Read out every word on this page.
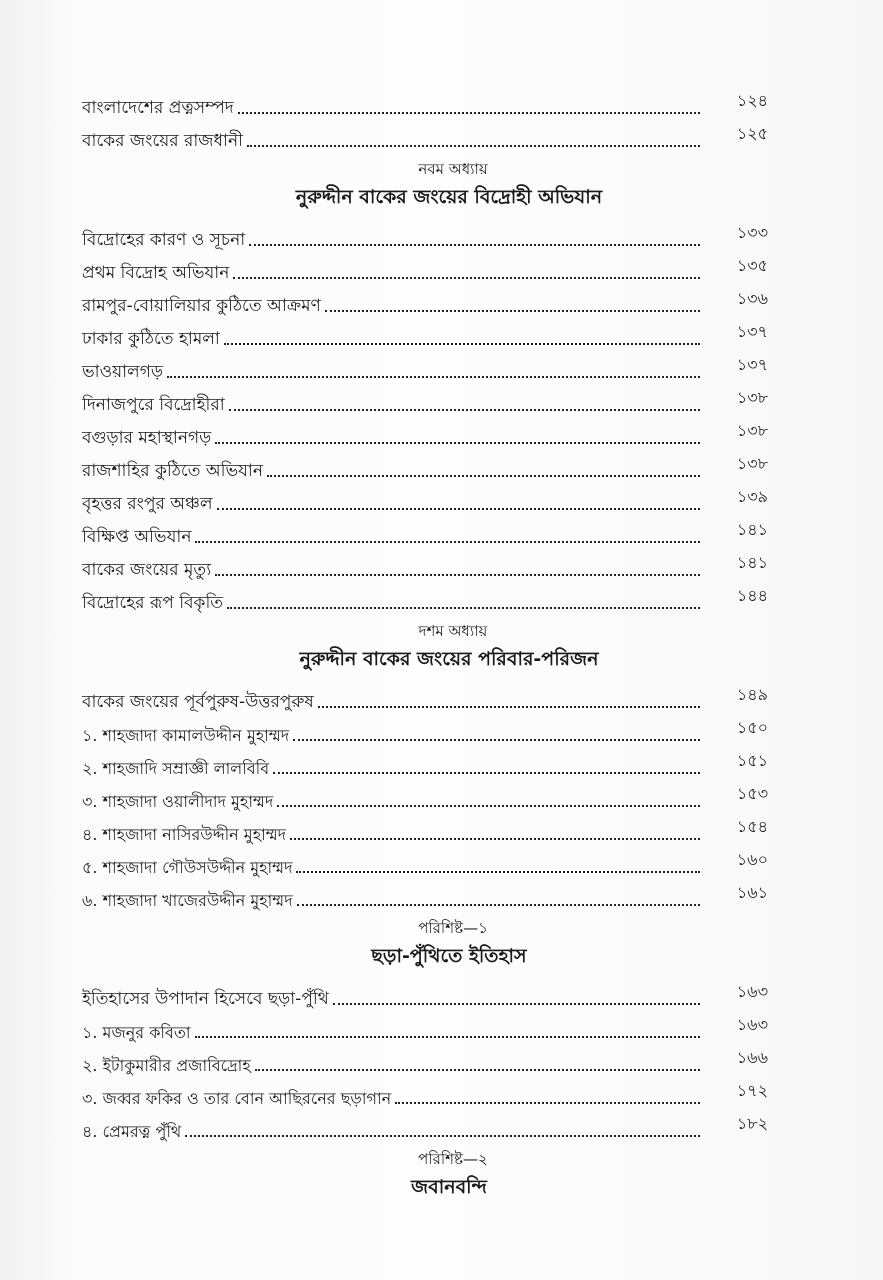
বাংলাদেশের প্রত্নসম্পদ	১২৪
বাকের জংয়ের রাজধানী	১২৫
নবম অধ্যায়
নুরুদ্দীন বাকের জংয়ের বিদ্রোহী অভিযান
বিদ্রোহের কারণ ও সূচনা	১৩৩
প্রথম বিদ্রোহ অভিযান	১৩৫
রামপুর-বোয়ালিয়ার কুঠিতে আক্রমণ	১৩৬
ঢাকার কুঠিতে হামলা	১৩৭
ভাওয়ালগড়	১৩৭
দিনাজপুরে বিদ্রোহীরা	১৩৮
বগুড়ার মহাস্থানগড়	১৩৮
রাজশাহির কুঠিতে অভিযান	১৩৮
বৃহত্তর রংপুর অঞ্চল	১৩৯
বিক্ষিপ্ত অভিযান	১৪১
বাকের জংয়ের মৃত্যু	১৪১
বিদ্রোহের রূপ বিকৃতি	১৪৪
দশম অধ্যায়
নুরুদ্দীন বাকের জংয়ের পরিবার-পরিজন
বাকের জংয়ের পূর্বপুরুষ-উত্তরপুরুষ	১৪৯
১. শাহজাদা কামালউদ্দীন মুহাম্মদ	১৫০
২. শাহজাদি সম্রাজ্ঞী লালবিবি	১৫১
৩. শাহজাদা ওয়ালীদাদ মুহাম্মদ	১৫৩
৪. শাহজাদা নাসিরউদ্দীন মুহাম্মদ	১৫৪
৫. শাহজাদা গৌউসউদ্দীন মুহাম্মদ	১৬০
৬. শাহজাদা খাজেরউদ্দীন মুহাম্মদ	১৬১
পরিশিষ্ট—১
ছড়া-পুঁথিতে ইতিহাস
ইতিহাসের উপাদান হিসেবে ছড়া-পুঁথি	১৬৩
১. মজনুর কবিতা	১৬৩
২. ইটাকুমারীর প্রজাবিদ্রোহ	১৬৬
৩. জব্বর ফকির ও তার বোন আছিরনের ছড়াগান	১৭২
৪. প্রেমরত্ন পুঁথি	১৮২
পরিশিষ্ট—২
জবানবন্দি
